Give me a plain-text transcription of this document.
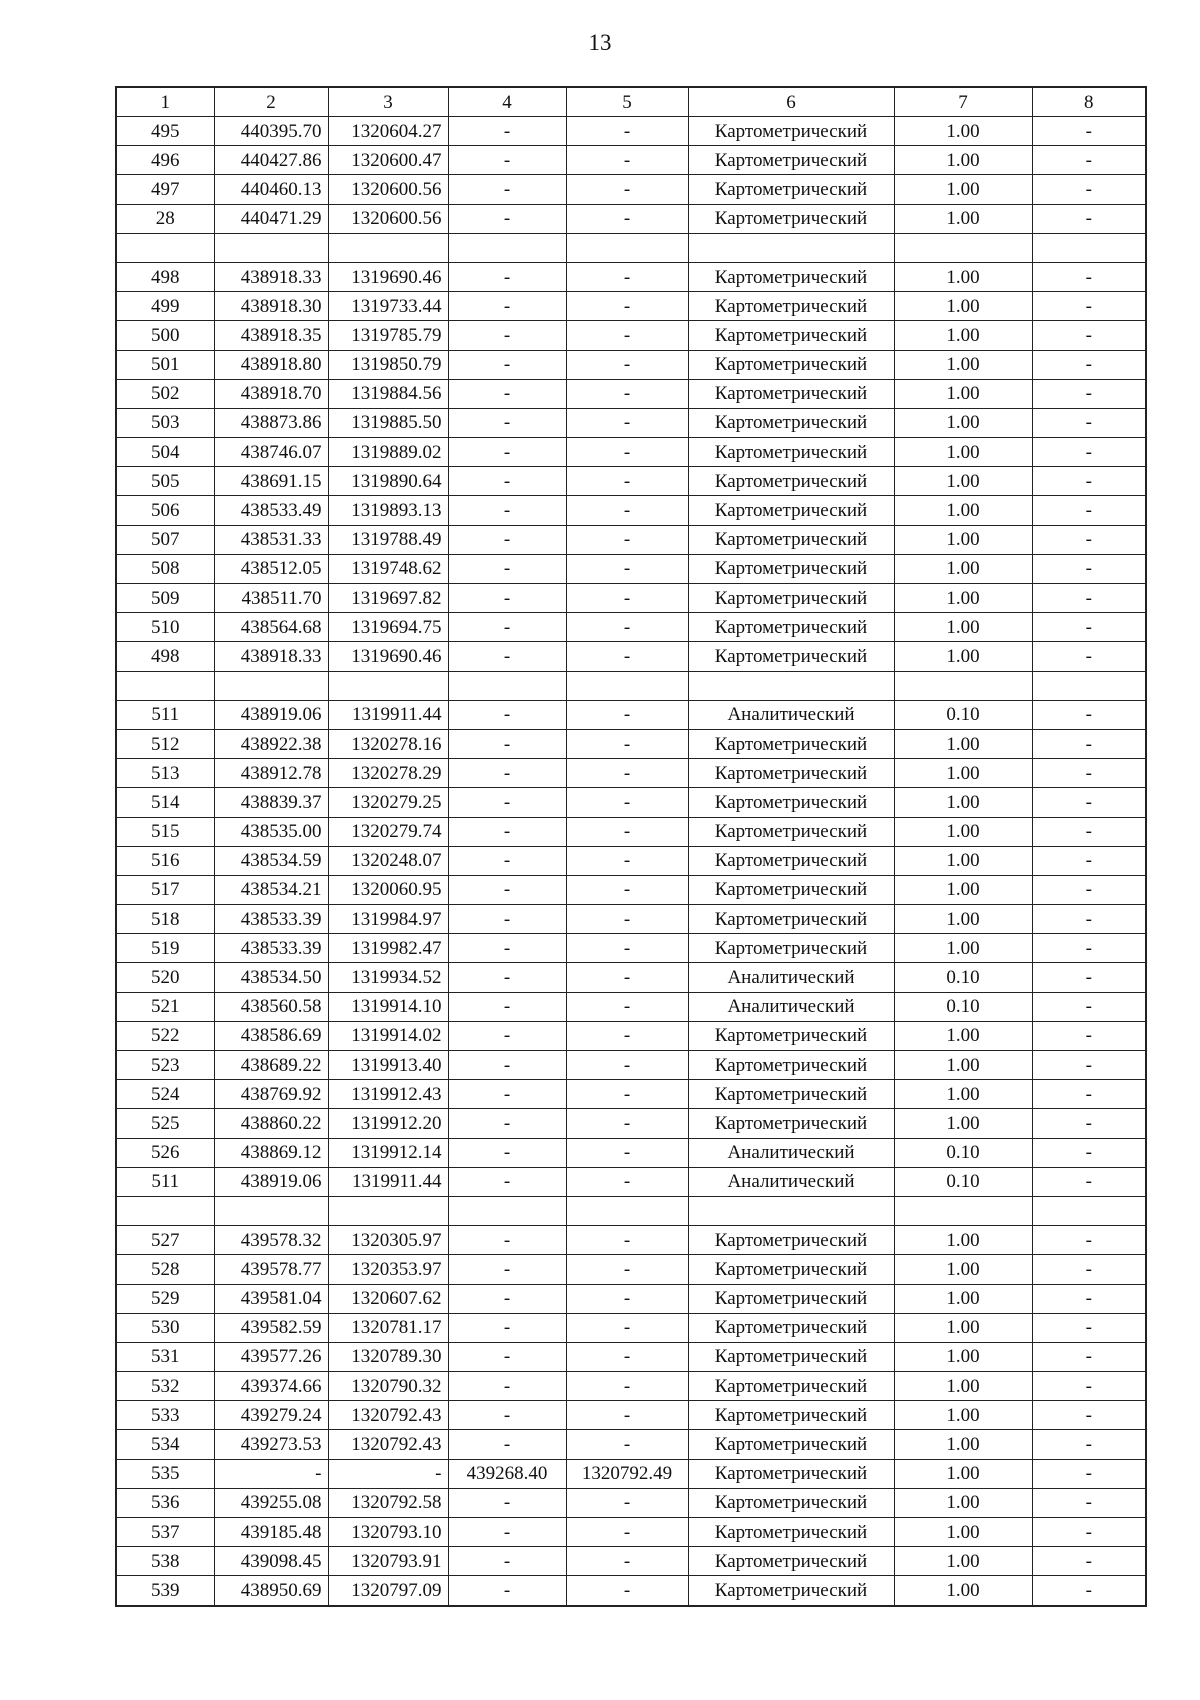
13
1	2	3	4	5	6	7	8
495	440395.70	1320604.27	-	-	Картометрический	1.00	-
496	440427.86	1320600.47	-	-	Картометрический	1.00	-
497	440460.13	1320600.56	-	-	Картометрический	1.00	-
28	440471.29	1320600.56	-	-	Картометрический	1.00	-

498	438918.33	1319690.46	-	-	Картометрический	1.00	-
499	438918.30	1319733.44	-	-	Картометрический	1.00	-
500	438918.35	1319785.79	-	-	Картометрический	1.00	-
501	438918.80	1319850.79	-	-	Картометрический	1.00	-
502	438918.70	1319884.56	-	-	Картометрический	1.00	-
503	438873.86	1319885.50	-	-	Картометрический	1.00	-
504	438746.07	1319889.02	-	-	Картометрический	1.00	-
505	438691.15	1319890.64	-	-	Картометрический	1.00	-
506	438533.49	1319893.13	-	-	Картометрический	1.00	-
507	438531.33	1319788.49	-	-	Картометрический	1.00	-
508	438512.05	1319748.62	-	-	Картометрический	1.00	-
509	438511.70	1319697.82	-	-	Картометрический	1.00	-
510	438564.68	1319694.75	-	-	Картометрический	1.00	-
498	438918.33	1319690.46	-	-	Картометрический	1.00	-

511	438919.06	1319911.44	-	-	Аналитический	0.10	-
512	438922.38	1320278.16	-	-	Картометрический	1.00	-
513	438912.78	1320278.29	-	-	Картометрический	1.00	-
514	438839.37	1320279.25	-	-	Картометрический	1.00	-
515	438535.00	1320279.74	-	-	Картометрический	1.00	-
516	438534.59	1320248.07	-	-	Картометрический	1.00	-
517	438534.21	1320060.95	-	-	Картометрический	1.00	-
518	438533.39	1319984.97	-	-	Картометрический	1.00	-
519	438533.39	1319982.47	-	-	Картометрический	1.00	-
520	438534.50	1319934.52	-	-	Аналитический	0.10	-
521	438560.58	1319914.10	-	-	Аналитический	0.10	-
522	438586.69	1319914.02	-	-	Картометрический	1.00	-
523	438689.22	1319913.40	-	-	Картометрический	1.00	-
524	438769.92	1319912.43	-	-	Картометрический	1.00	-
525	438860.22	1319912.20	-	-	Картометрический	1.00	-
526	438869.12	1319912.14	-	-	Аналитический	0.10	-
511	438919.06	1319911.44	-	-	Аналитический	0.10	-

527	439578.32	1320305.97	-	-	Картометрический	1.00	-
528	439578.77	1320353.97	-	-	Картометрический	1.00	-
529	439581.04	1320607.62	-	-	Картометрический	1.00	-
530	439582.59	1320781.17	-	-	Картометрический	1.00	-
531	439577.26	1320789.30	-	-	Картометрический	1.00	-
532	439374.66	1320790.32	-	-	Картометрический	1.00	-
533	439279.24	1320792.43	-	-	Картометрический	1.00	-
534	439273.53	1320792.43	-	-	Картометрический	1.00	-
535	-	-	439268.40	1320792.49	Картометрический	1.00	-
536	439255.08	1320792.58	-	-	Картометрический	1.00	-
537	439185.48	1320793.10	-	-	Картометрический	1.00	-
538	439098.45	1320793.91	-	-	Картометрический	1.00	-
539	438950.69	1320797.09	-	-	Картометрический	1.00	-
